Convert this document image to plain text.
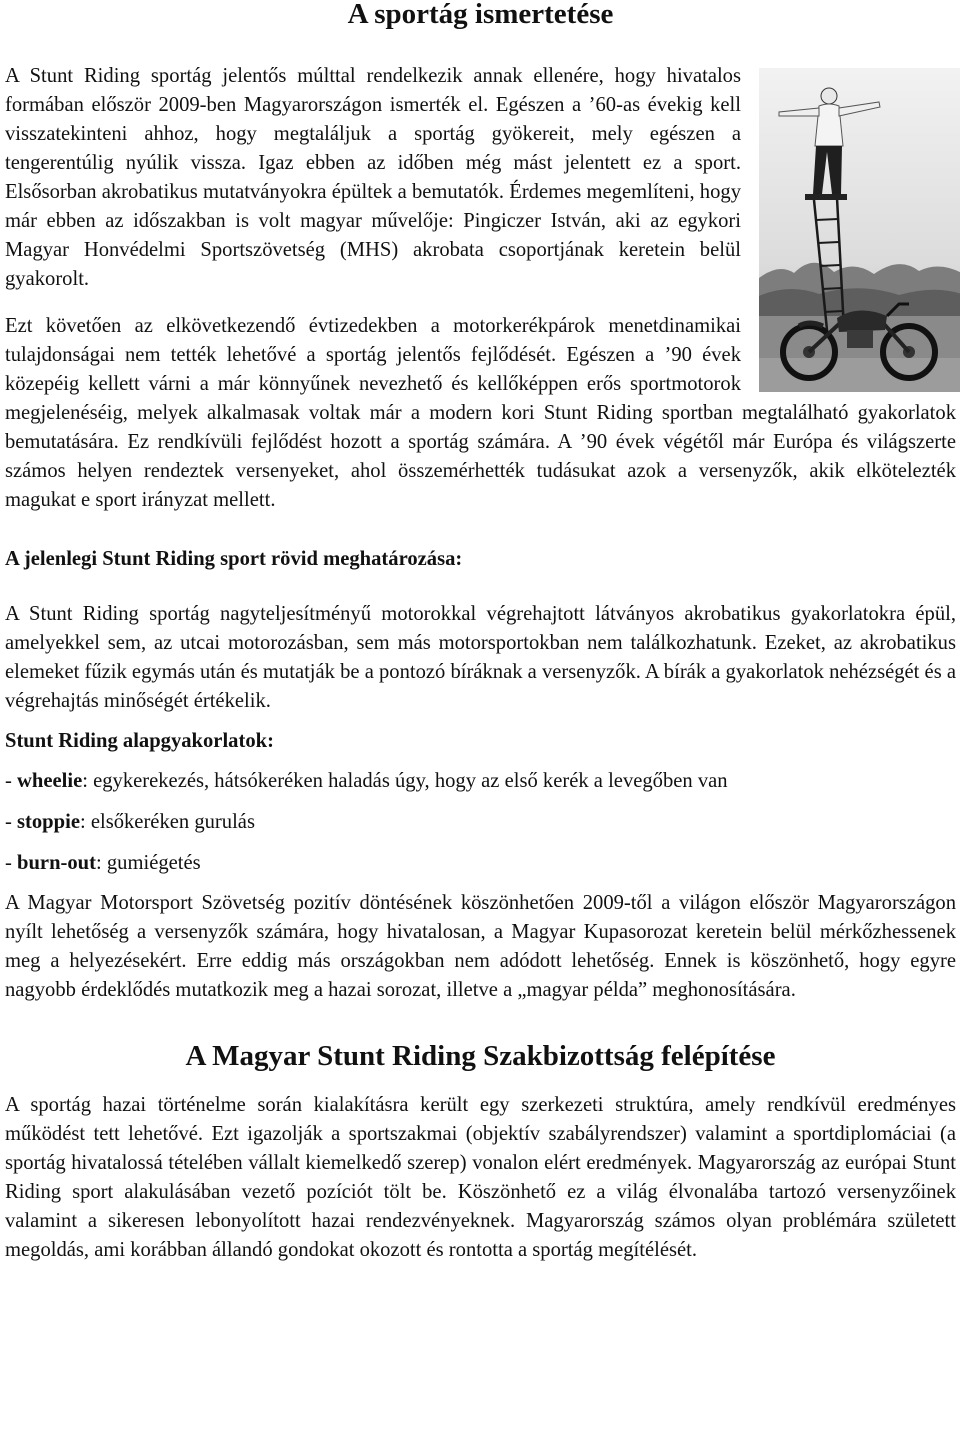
A sportág ismertetése

A Stunt Riding sportág jelentős múlttal rendelkezik annak ellenére, hogy hivatalos formában először 2009-ben Magyarországon ismerték el. Egészen a ’60-as évekig kell visszatekinteni ahhoz, hogy megtaláljuk a sportág gyökereit, mely egészen a tengerentúlig nyúlik vissza. Igaz ebben az időben még mást jelentett ez a sport. Elsősorban akrobatikus mutatványokra épültek a bemutatók. Érdemes megemlíteni, hogy már ebben az időszakban is volt magyar művelője: Pingiczer István, aki az egykori Magyar Honvédelmi Sportszövetség (MHS) akrobata csoportjának keretein belül gyakorolt.

Ezt követően az elkövetkezendő évtizedekben a motorkerékpárok menetdinamikai tulajdonságai nem tették lehetővé a sportág jelentős fejlődését. Egészen a ’90 évek közepéig kellett várni a már könnyűnek nevezhető és kellőképpen erős sportmotorok megjelenéséig, melyek alkalmasak voltak már a modern kori Stunt Riding sportban megtalálható gyakorlatok bemutatására. Ez rendkívüli fejlődést hozott a sportág számára. A ’90 évek végétől már Európa és világszerte számos helyen rendeztek versenyeket, ahol összemérhették tudásukat azok a versenyzők, akik elkötelezték magukat e sport irányzat mellett.

A jelenlegi Stunt Riding sport rövid meghatározása:

A Stunt Riding sportág nagyteljesítményű motorokkal végrehajtott látványos akrobatikus gyakorlatokra épül, amelyekkel sem, az utcai motorozásban, sem más motorsportokban nem találkozhatunk. Ezeket, az akrobatikus elemeket fűzik egymás után és mutatják be a pontozó bíráknak a versenyzők. A bírák a gyakorlatok nehézségét és a végrehajtás minőségét értékelik.

Stunt Riding alapgyakorlatok:

- wheelie: egykerekezés, hátsókeréken haladás úgy, hogy az első kerék a levegőben van

- stoppie: elsőkeréken gurulás

- burn-out: gumiégetés

A Magyar Motorsport Szövetség pozitív döntésének köszönhetően 2009-től a világon először Magyarországon nyílt lehetőség a versenyzők számára, hogy hivatalosan, a Magyar Kupasorozat keretein belül mérkőzhessenek meg a helyezésekért. Erre eddig más országokban nem adódott lehetőség. Ennek is köszönhető, hogy egyre nagyobb érdeklődés mutatkozik meg a hazai sorozat, illetve a „magyar példa” meghonosítására.

A Magyar Stunt Riding Szakbizottság felépítése

A sportág hazai történelme során kialakításra került egy szerkezeti struktúra, amely rendkívül eredményes működést tett lehetővé. Ezt igazolják a sportszakmai (objektív szabályrendszer) valamint a sportdiplomáciai (a sportág hivatalossá tételében vállalt kiemelkedő szerep) vonalon elért eredmények. Magyarország az európai Stunt Riding sport alakulásában vezető pozíciót tölt be. Köszönhető ez a világ élvonalába tartozó versenyzőinek valamint a sikeresen lebonyolított hazai rendezvényeknek. Magyarország számos olyan problémára született megoldás, ami korábban állandó gondokat okozott és rontotta a sportág megítélését.
